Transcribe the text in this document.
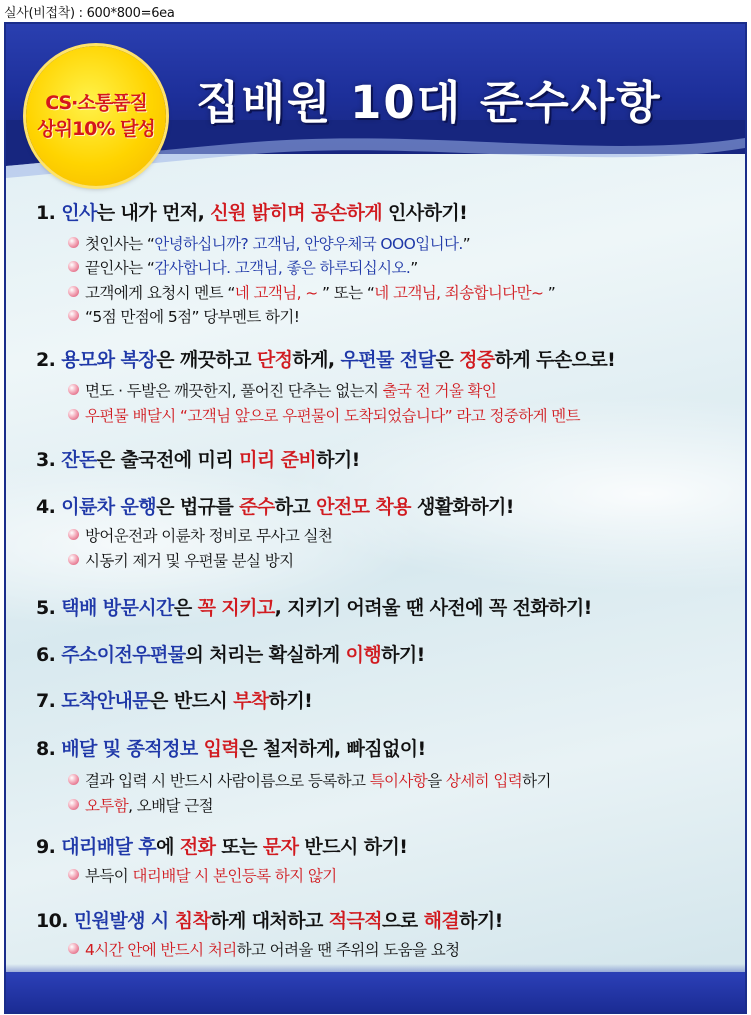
실사(비접착) : 600*800=6ea
CS·소통품질
상위10% 달성 집배원 10대 준수사항
1. 인사는 내가 먼저, 신원 밝히며 공손하게 인사하기!
첫인사는 “안녕하십니까? 고객님, 안양우체국 OOO입니다.”
끝인사는 “감사합니다. 고객님, 좋은 하루되십시오.”
고객에게 요청시 멘트 “네 고객님, ~ ” 또는 “네 고객님, 죄송합니다만~ ”
“5점 만점에 5점” 당부멘트 하기!
2. 용모와 복장은 깨끗하고 단정하게, 우편물 전달은 정중하게 두손으로!
면도 · 두발은 깨끗한지, 풀어진 단추는 없는지 출국 전 거울 확인
우편물 배달시 “고객님 앞으로 우편물이 도착되었습니다” 라고 정중하게 멘트
3. 잔돈은 출국전에 미리 미리 준비하기!
4. 이륜차 운행은 법규를 준수하고 안전모 착용 생활화하기!
방어운전과 이륜차 정비로 무사고 실천
시동키 제거 및 우편물 분실 방지
5. 택배 방문시간은 꼭 지키고, 지키기 어려울 땐 사전에 꼭 전화하기!
6. 주소이전우편물의 처리는 확실하게 이행하기!
7. 도착안내문은 반드시 부착하기!
8. 배달 및 종적정보 입력은 철저하게, 빠짐없이!
결과 입력 시 반드시 사람이름으로 등록하고 특이사항을 상세히 입력하기
오투함, 오배달 근절
9. 대리배달 후에 전화 또는 문자 반드시 하기!
부득이 대리배달 시 본인등록 하지 않기
10. 민원발생 시 침착하게 대처하고 적극적으로 해결하기!
4시간 안에 반드시 처리하고 어려울 땐 주위의 도움을 요청
